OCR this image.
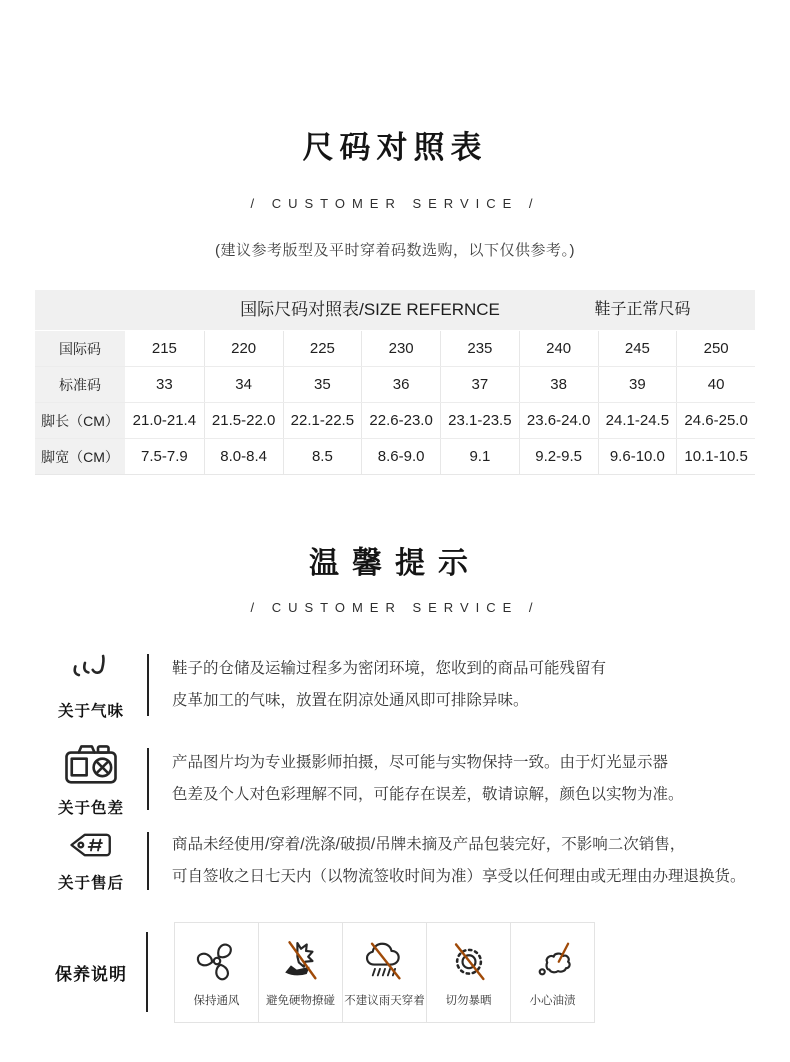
尺码对照表
/ CUSTOMER SERVICE /
(建议参考版型及平时穿着码数选购，以下仅供参考。)
国际尺码对照表/SIZE REFERNCE	鞋子正常尺码
国际码	215	220	225	230	235	240	245	250
标准码	33	34	35	36	37	38	39	40
脚长（CM） 21.0-21.4	21.5-22.0	22.1-22.5	22.6-23.0	23.1-23.5	23.6-24.0	24.1-24.5	24.6-25.0
脚宽（CM）	7.5-7.9	8.0-8.4	8.5	8.6-9.0	9.1	9.2-9.5	9.6-10.0	10.1-10.5
温馨提示
/ CUSTOMER SERVICE /
关于气味
鞋子的仓储及运输过程多为密闭环境，您收到的商品可能残留有
皮革加工的气味，放置在阴凉处通风即可排除异味。
关于色差
产品图片均为专业摄影师拍摄，尽可能与实物保持一致。由于灯光显示器
色差及个人对色彩理解不同，可能存在误差，敬请谅解，颜色以实物为准。
关于售后
商品未经使用/穿着/洗涤/破损/吊牌未摘及产品包装完好，不影响二次销售，
可自签收之日七天内（以物流签收时间为准）享受以任何理由或无理由办理退换货。
保养说明
保持通风 避免硬物撩碰 不建议雨天穿着 切勿暴晒	小心油渍
